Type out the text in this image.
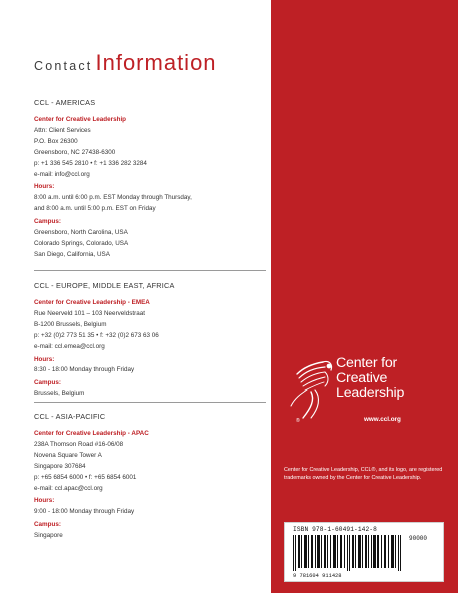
Contact Information
CCL - AMERICAS
Center for Creative Leadership
Attn: Client Services
P.O. Box 26300
Greensboro, NC 27438-6300
p: +1 336 545 2810 • f: +1 336 282 3284
e-mail: info@ccl.org
Hours:
8:00 a.m. until 6:00 p.m. EST Monday through Thursday,
and 8:00 a.m. until 5:00 p.m. EST on Friday
Campus:
Greensboro, North Carolina, USA
Colorado Springs, Colorado, USA
San Diego, California, USA
CCL - EUROPE, MIDDLE EAST, AFRICA
Center for Creative Leadership - EMEA
Rue Neerveld 101 – 103 Neerveldstraat
B-1200 Brussels, Belgium
p: +32 (0)2 773 51 35 • f: +32 (0)2 673 63 06
e-mail: ccl.emea@ccl.org
Hours:
8:30 - 18:00 Monday through Friday
Campus:
Brussels, Belgium
CCL - ASIA-PACIFIC
Center for Creative Leadership - APAC
238A Thomson Road #16-06/08
Novena Square Tower A
Singapore 307684
p: +65 6854 6000 • f: +65 6854 6001
e-mail: ccl.apac@ccl.org
Hours:
9:00 - 18:00 Monday through Friday
Campus:
Singapore
Center for
Creative
Leadership
®	www.ccl.org
Center for Creative Leadership, CCL®, and its logo, are registered trademarks owned by the Center for Creative Leadership.
ISBN 978-1-60491-142-8
90000
9 781604 911428
